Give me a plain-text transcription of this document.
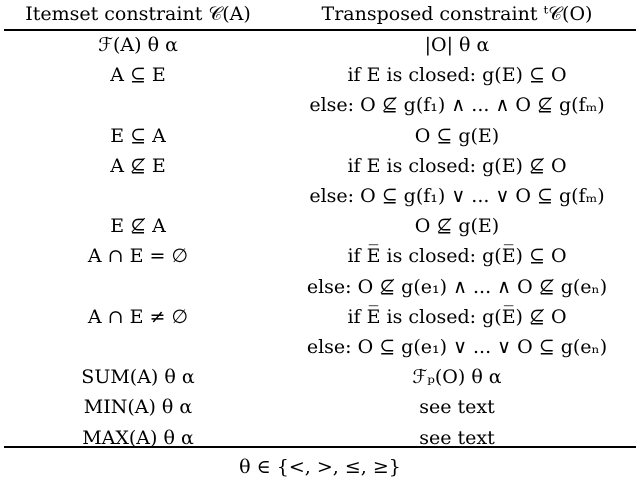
Itemset constraint 𝒞(A)	Transposed constraint ᵗ𝒞(O)
ℱ(A) θ α	|O| θ α
A ⊆ E	if E is closed: g(E) ⊆ O
else: O ⊈ g(f₁) ∧ ... ∧ O ⊈ g(fₘ)
E ⊆ A	O ⊆ g(E)
A ⊈ E	if E is closed: g(E) ⊈ O
else: O ⊆ g(f₁) ∨ ... ∨ O ⊆ g(fₘ)
E ⊈ A	O ⊈ g(E)
A ∩ E = ∅	if E̅ is closed: g(E̅) ⊆ O
else: O ⊈ g(e₁) ∧ ... ∧ O ⊈ g(eₙ)
A ∩ E ≠ ∅	if E̅ is closed: g(E̅) ⊈ O
else: O ⊆ g(e₁) ∨ ... ∨ O ⊆ g(eₙ)
SUM(A) θ α	ℱₚ(O) θ α
MIN(A) θ α	see text
MAX(A) θ α	see text
θ ∈ {<, >, ≤, ≥}
